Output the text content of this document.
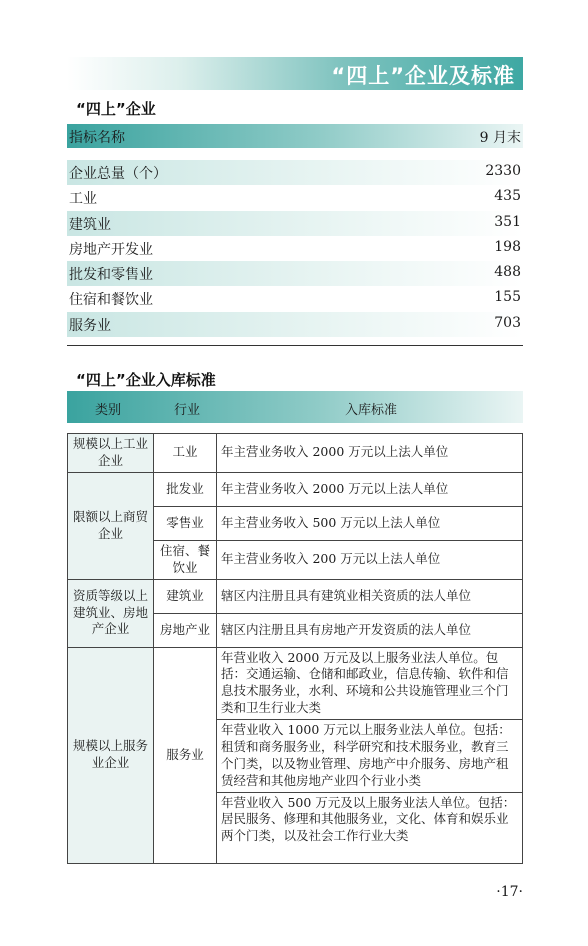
“四上”企业及标准
“四上”企业
指标名称	9 月末
企业总量（个）	2330
工业	435
建筑业	351
房地产开发业	198
批发和零售业	488
住宿和餐饮业	155
服务业	703
“四上”企业入库标准
类别	行业	入库标准
规模以上工业企业	工业	年主营业务收入 2000 万元以上法人单位
限额以上商贸企业	批发业	年主营业务收入 2000 万元以上法人单位
	零售业	年主营业务收入 500 万元以上法人单位
	住宿、餐饮业	年主营业务收入 200 万元以上法人单位
资质等级以上建筑业、房地产企业	建筑业	辖区内注册且具有建筑业相关资质的法人单位
	房地产业	辖区内注册且具有房地产开发资质的法人单位
规模以上服务业企业	服务业	年营业收入 2000 万元及以上服务业法人单位。包括：交通运输、仓储和邮政业，信息传输、软件和信息技术服务业，水利、环境和公共设施管理业三个门类和卫生行业大类
		年营业收入 1000 万元以上服务业法人单位。包括：租赁和商务服务业，科学研究和技术服务业，教育三个门类，以及物业管理、房地产中介服务、房地产租赁经营和其他房地产业四个行业小类
		年营业收入 500 万元及以上服务业法人单位。包括：居民服务、修理和其他服务业，文化、体育和娱乐业两个门类，以及社会工作行业大类
·17·
